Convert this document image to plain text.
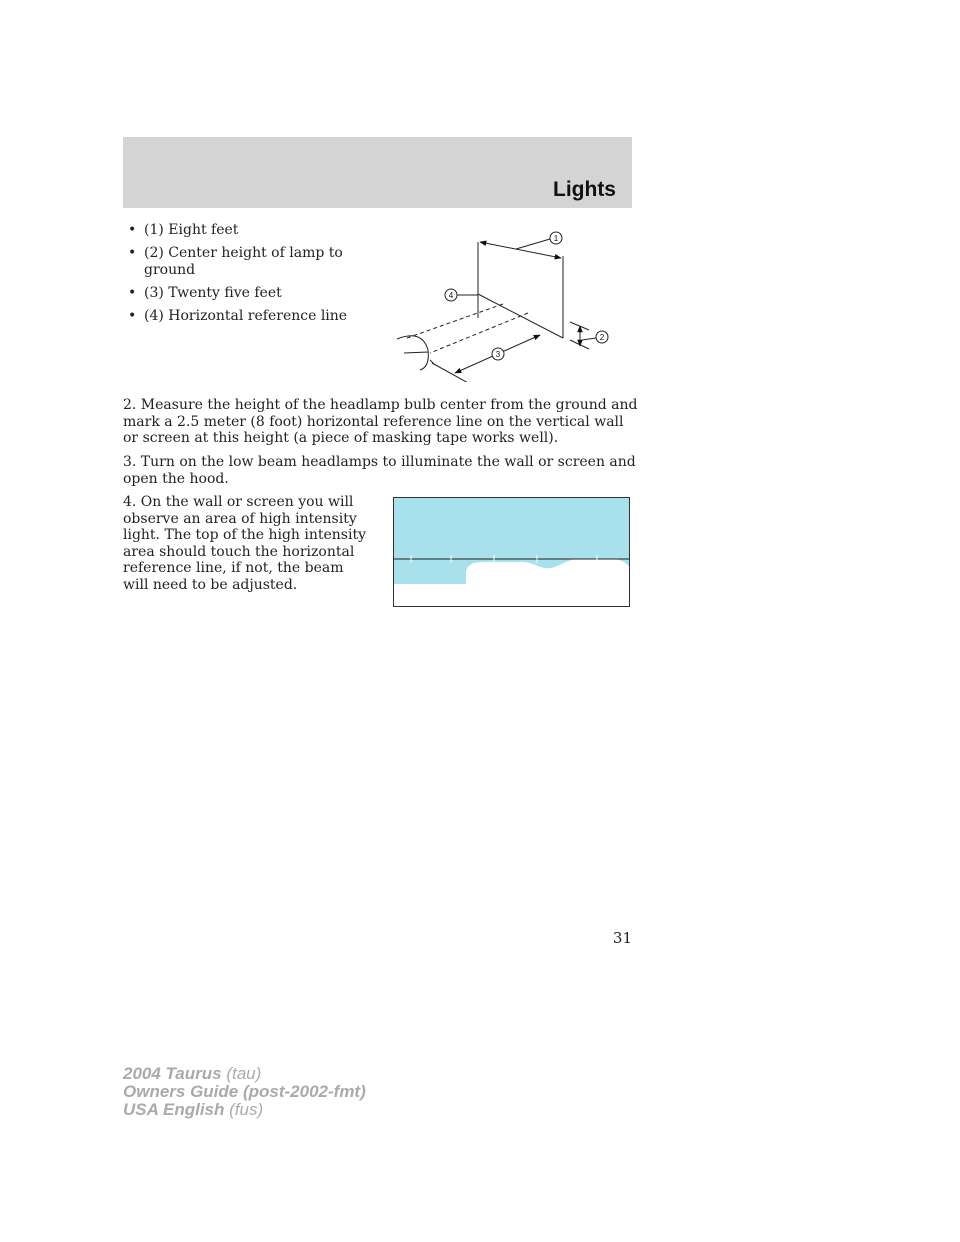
Lights
• (1) Eight feet
• (2) Center height of lamp to ground
• (3) Twenty five feet
• (4) Horizontal reference line
1
2
3
4

2. Measure the height of the headlamp bulb center from the ground and mark a 2.5 meter (8 foot) horizontal reference line on the vertical wall or screen at this height (a piece of masking tape works well).

3. Turn on the low beam headlamps to illuminate the wall or screen and open the hood.

4. On the wall or screen you will observe an area of high intensity light. The top of the high intensity area should touch the horizontal reference line, if not, the beam will need to be adjusted.

31
2004 Taurus (tau)
Owners Guide (post-2002-fmt)
USA English (fus)
